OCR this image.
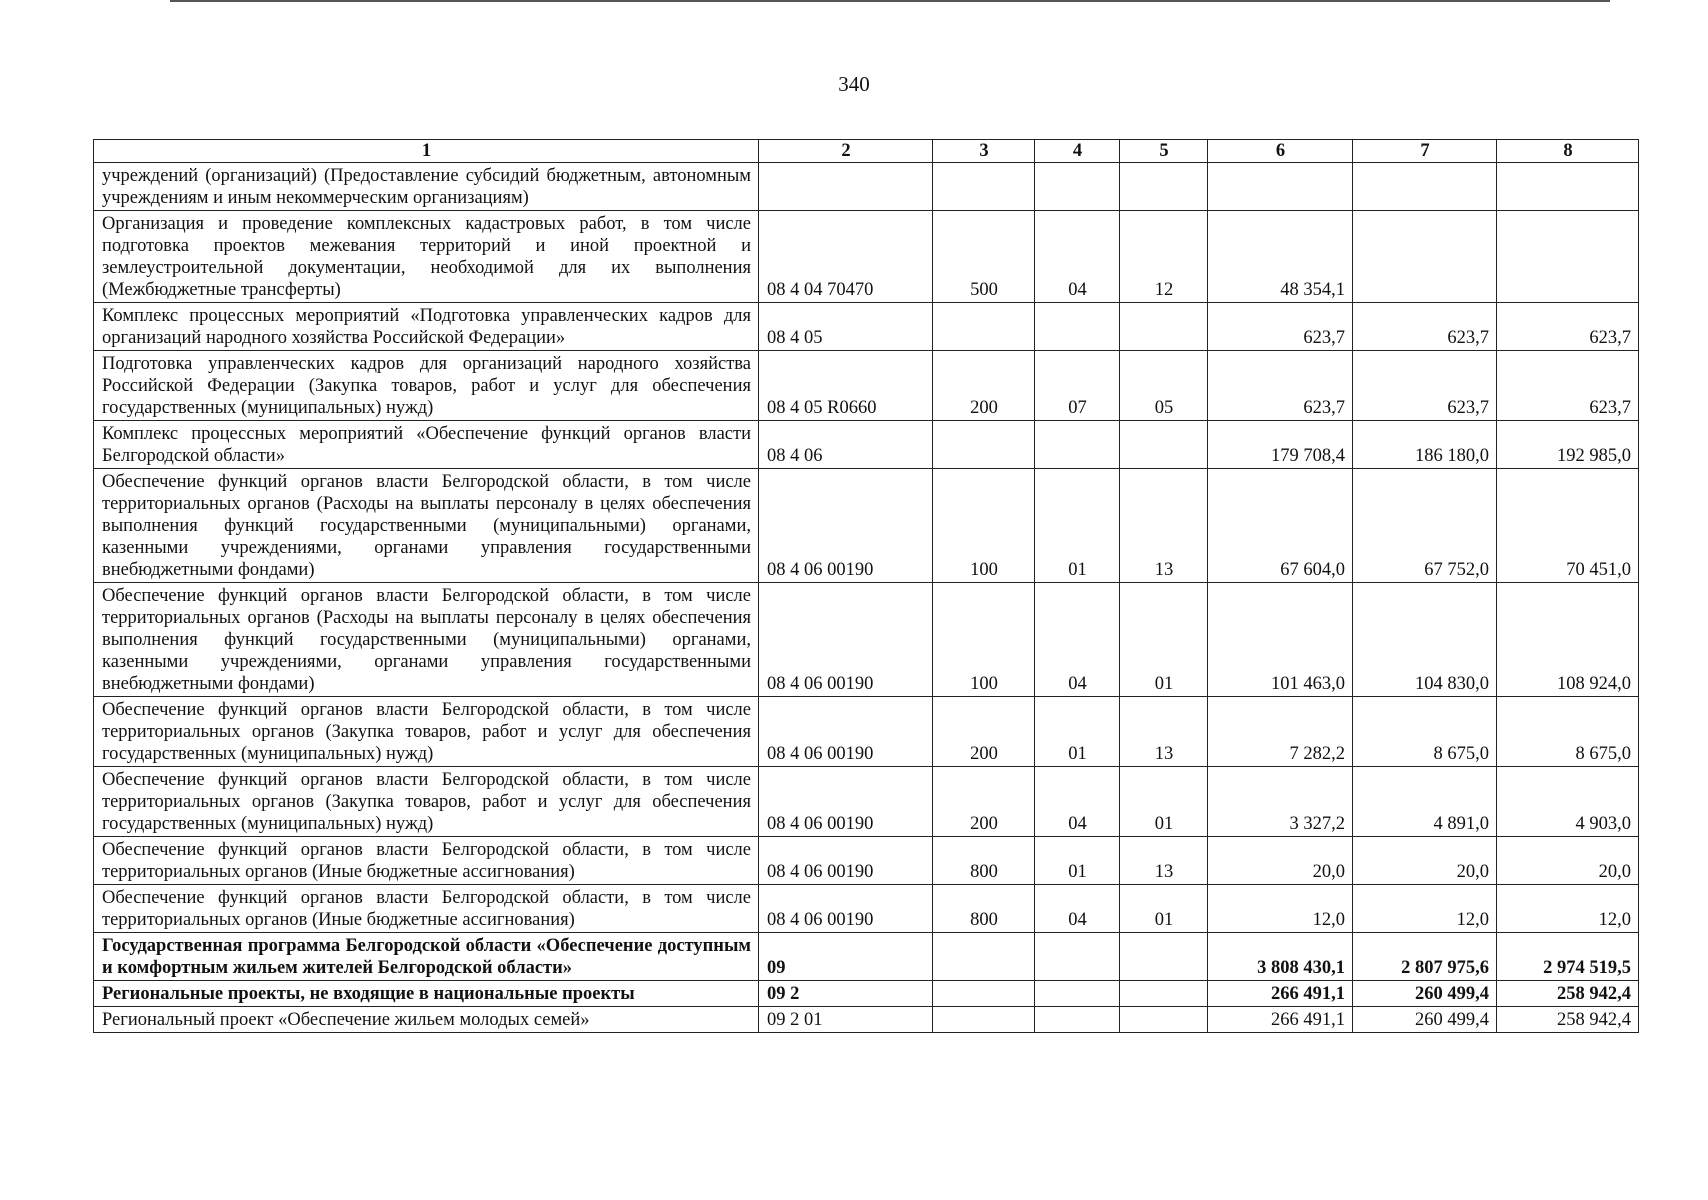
340
1	2	3	4	5	6	7	8
учреждений (организаций) (Предоставление субсидий бюджетным, автономным учреждениям и иным некоммерческим организациям)							
Организация и проведение комплексных кадастровых работ, в том числе подготовка проектов межевания территорий и иной проектной и землеустроительной документации, необходимой для их выполнения (Межбюджетные трансферты)	08 4 04 70470	500	04	12	48 354,1		
Комплекс процессных мероприятий «Подготовка управленческих кадров для организаций народного хозяйства Российской Федерации»	08 4 05				623,7	623,7	623,7
Подготовка управленческих кадров для организаций народного хозяйства Российской Федерации (Закупка товаров, работ и услуг для обеспечения государственных (муниципальных) нужд)	08 4 05 R0660	200	07	05	623,7	623,7	623,7
Комплекс процессных мероприятий «Обеспечение функций органов власти Белгородской области»	08 4 06				179 708,4	186 180,0	192 985,0
Обеспечение функций органов власти Белгородской области, в том числе территориальных органов (Расходы на выплаты персоналу в целях обеспечения выполнения функций государственными (муниципальными) органами, казенными учреждениями, органами управления государственными внебюджетными фондами)	08 4 06 00190	100	01	13	67 604,0	67 752,0	70 451,0
Обеспечение функций органов власти Белгородской области, в том числе территориальных органов (Расходы на выплаты персоналу в целях обеспечения выполнения функций государственными (муниципальными) органами, казенными учреждениями, органами управления государственными внебюджетными фондами)	08 4 06 00190	100	04	01	101 463,0	104 830,0	108 924,0
Обеспечение функций органов власти Белгородской области, в том числе территориальных органов (Закупка товаров, работ и услуг для обеспечения государственных (муниципальных) нужд)	08 4 06 00190	200	01	13	7 282,2	8 675,0	8 675,0
Обеспечение функций органов власти Белгородской области, в том числе территориальных органов (Закупка товаров, работ и услуг для обеспечения государственных (муниципальных) нужд)	08 4 06 00190	200	04	01	3 327,2	4 891,0	4 903,0
Обеспечение функций органов власти Белгородской области, в том числе территориальных органов (Иные бюджетные ассигнования)	08 4 06 00190	800	01	13	20,0	20,0	20,0
Обеспечение функций органов власти Белгородской области, в том числе территориальных органов (Иные бюджетные ассигнования)	08 4 06 00190	800	04	01	12,0	12,0	12,0
Государственная программа Белгородской области «Обеспечение доступным и комфортным жильем жителей Белгородской области»	09				3 808 430,1	2 807 975,6	2 974 519,5
Региональные проекты, не входящие в национальные проекты	09 2				266 491,1	260 499,4	258 942,4
Региональный проект «Обеспечение жильем молодых семей»	09 2 01				266 491,1	260 499,4	258 942,4
